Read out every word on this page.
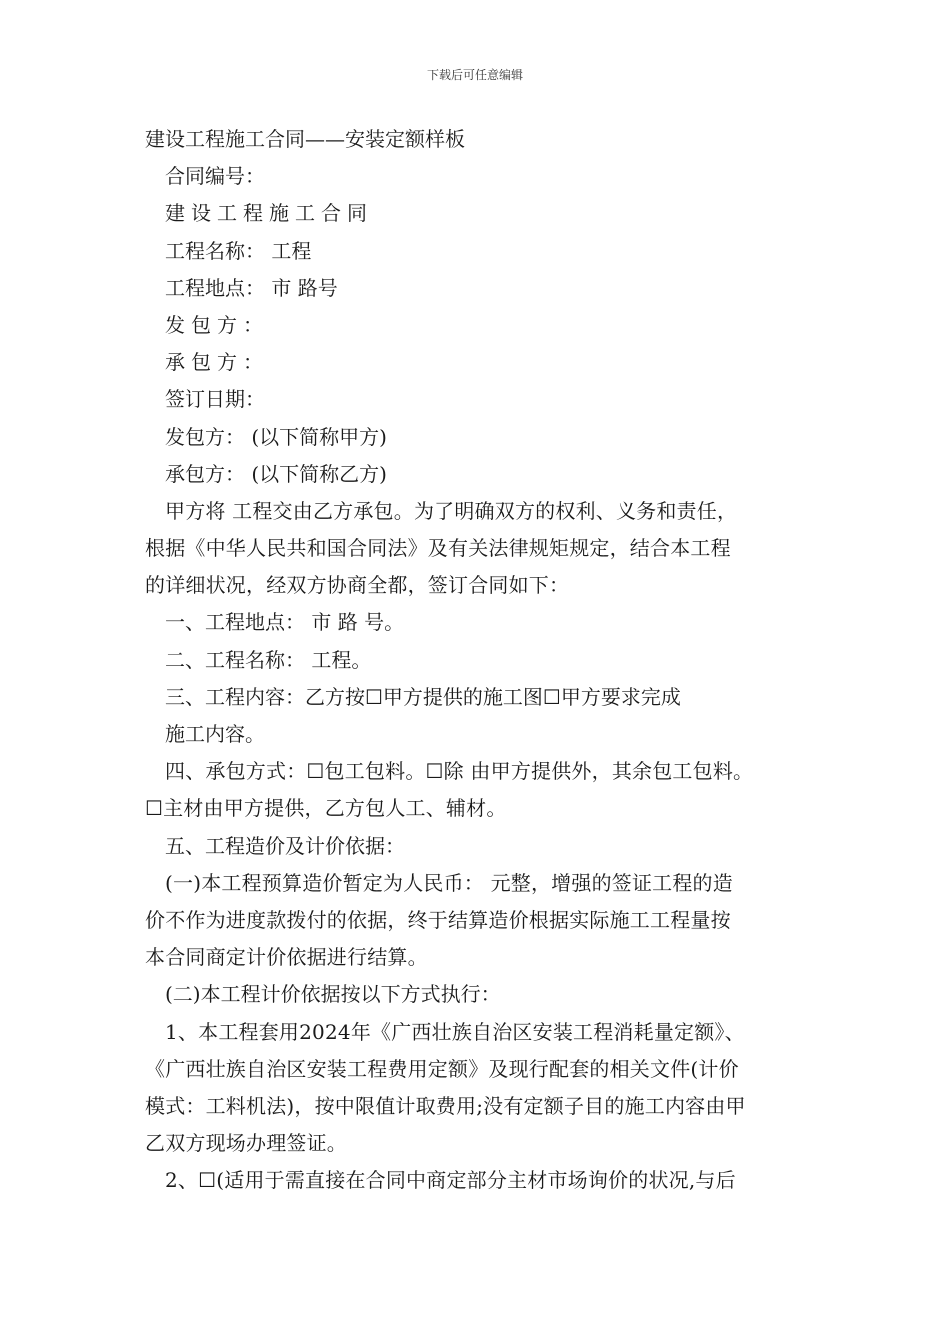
下载后可任意编辑
建设工程施工合同——安装定额样板
合同编号：
建设工程施工合同
工程名称： 工程
工程地点： 市 路号
发包方：
承包方：
签订日期：
发包方： (以下简称甲方)
承包方： (以下简称乙方)
甲方将 工程交由乙方承包。为了明确双方的权利、义务和责任，
根据《中华人民共和国合同法》及有关法律规矩规定，结合本工程
的详细状况，经双方协商全都，签订合同如下：
一、工程地点： 市 路 号。
二、工程名称： 工程。
三、工程内容：乙方按☐甲方提供的施工图☐甲方要求完成
施工内容。
四、承包方式：☐包工包料。☐除 由甲方提供外，其余包工包料。
☐主材由甲方提供，乙方包人工、辅材。
五、工程造价及计价依据：
(一)本工程预算造价暂定为人民币： 元整，增强的签证工程的造
价不作为进度款拨付的依据，终于结算造价根据实际施工工程量按
本合同商定计价依据进行结算。
(二)本工程计价依据按以下方式执行：
1、本工程套用2024年《广西壮族自治区安装工程消耗量定额》、
《广西壮族自治区安装工程费用定额》及现行配套的相关文件(计价
模式：工料机法)，按中限值计取费用;没有定额子目的施工内容由甲
乙双方现场办理签证。
2、☐(适用于需直接在合同中商定部分主材市场询价的状况,与后
